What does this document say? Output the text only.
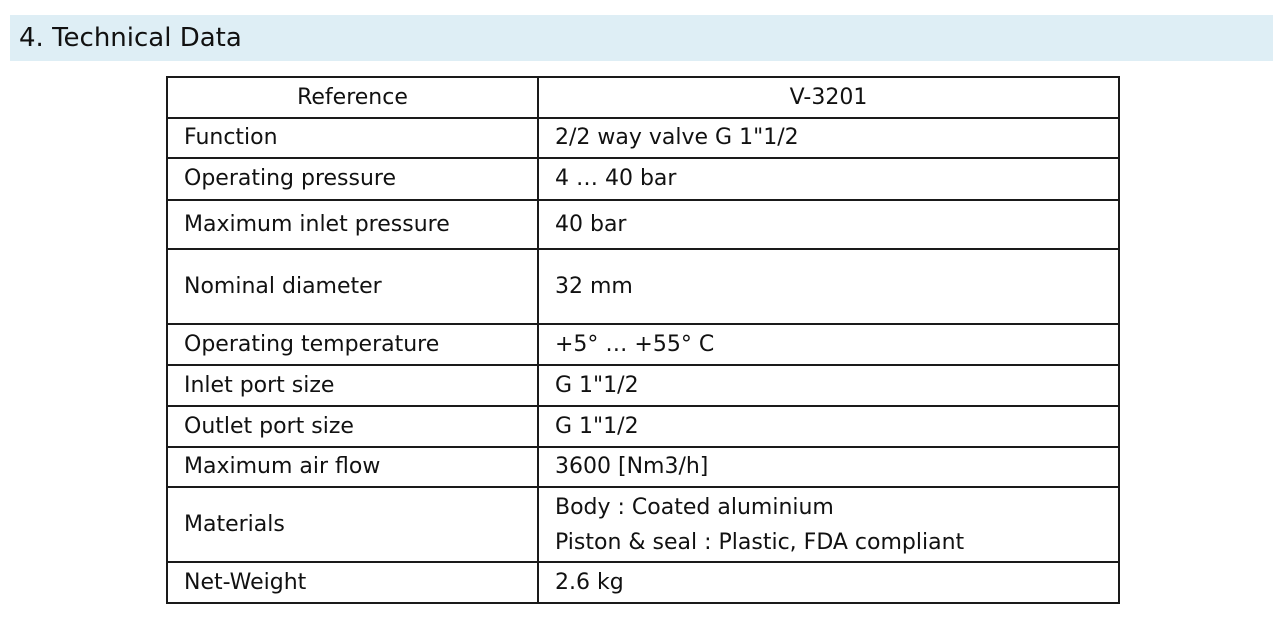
4. Technical Data
Reference	V-3201
Function	2/2 way valve G 1"1/2
Operating pressure	4 … 40 bar
Maximum inlet pressure	40 bar
Nominal diameter	32 mm
Operating temperature	+5° … +55° C
Inlet port size	G 1"1/2
Outlet port size	G 1"1/2
Maximum air flow	3600 [Nm3/h]
Materials	Body : Coated aluminium
Piston & seal : Plastic, FDA compliant

Net-Weight	2.6 kg
